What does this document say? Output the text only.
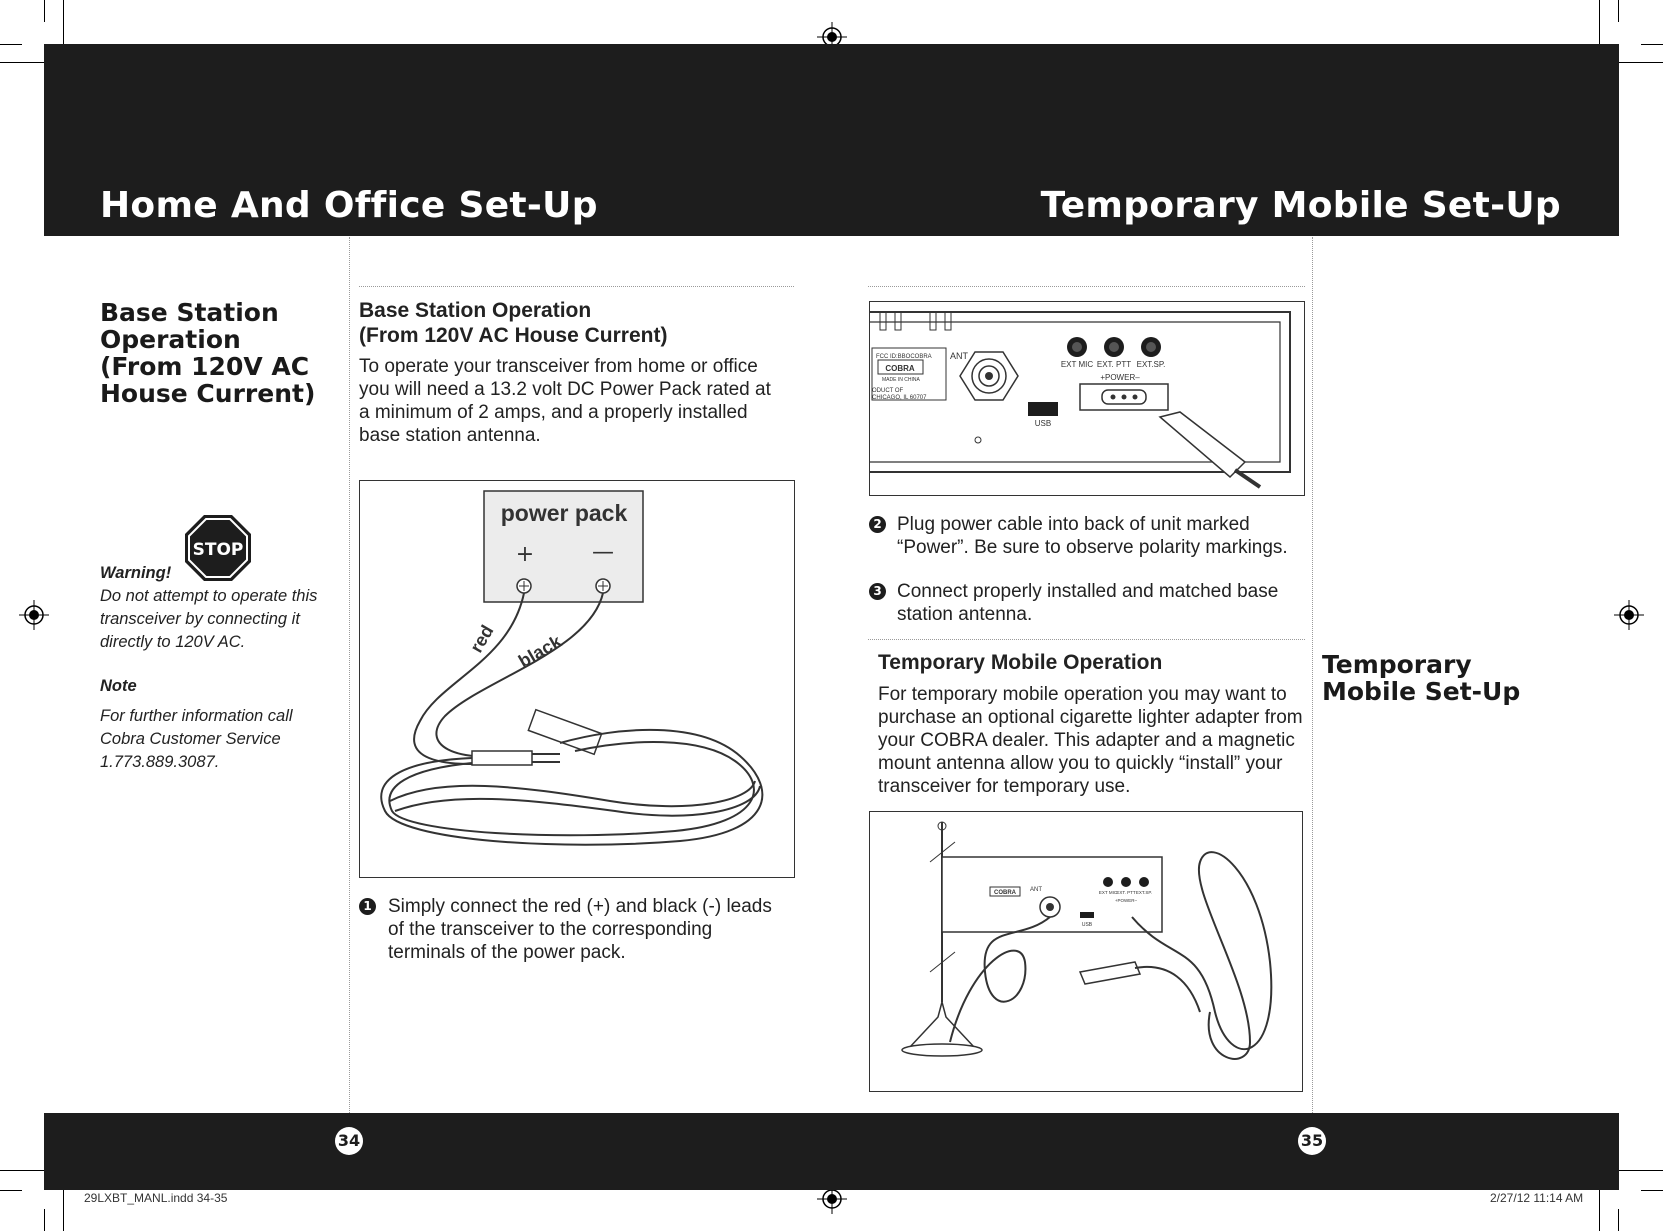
Home And Office Set-Up	Temporary Mobile Set-Up
Base Station Operation (From 120V AC House Current)
STOP
Warning!
Do not attempt to operate this transceiver by connecting it directly to 120V AC.
Note
For further information call Cobra Customer Service 1.773.889.3087.
Base Station Operation
(From 120V AC House Current)
To operate your transceiver from home or office you will need a 13.2 volt DC Power Pack rated at a minimum of 2 amps, and a properly installed base station antenna.
power pack
+	—
red black
1 Simply connect the red (+) and black (-) leads of the transceiver to the corresponding terminals of the power pack.
FCC ID:BBOCOBRA
COBRA
MADE IN CHINA
ODUCT OF
CHICAGO, IL 60707
ANT
EXT MIC EXT. PTT EXT.SP.
+POWER–
USB
2 Plug power cable into back of unit marked “Power”. Be sure to observe polarity markings.
3 Connect properly installed and matched base station antenna.
Temporary Mobile Operation
For temporary mobile operation you may want to purchase an optional cigarette lighter adapter from your COBRA dealer. This adapter and a magnetic mount antenna allow you to quickly “install” your transceiver for temporary use.
COBRA ANT
USB
EXT MIC EXT. PTT EXT.SP.
+POWER–
Temporary Mobile Set-Up
34	35
29LXBT_MANL.indd 34-35	2/27/12 11:14 AM
